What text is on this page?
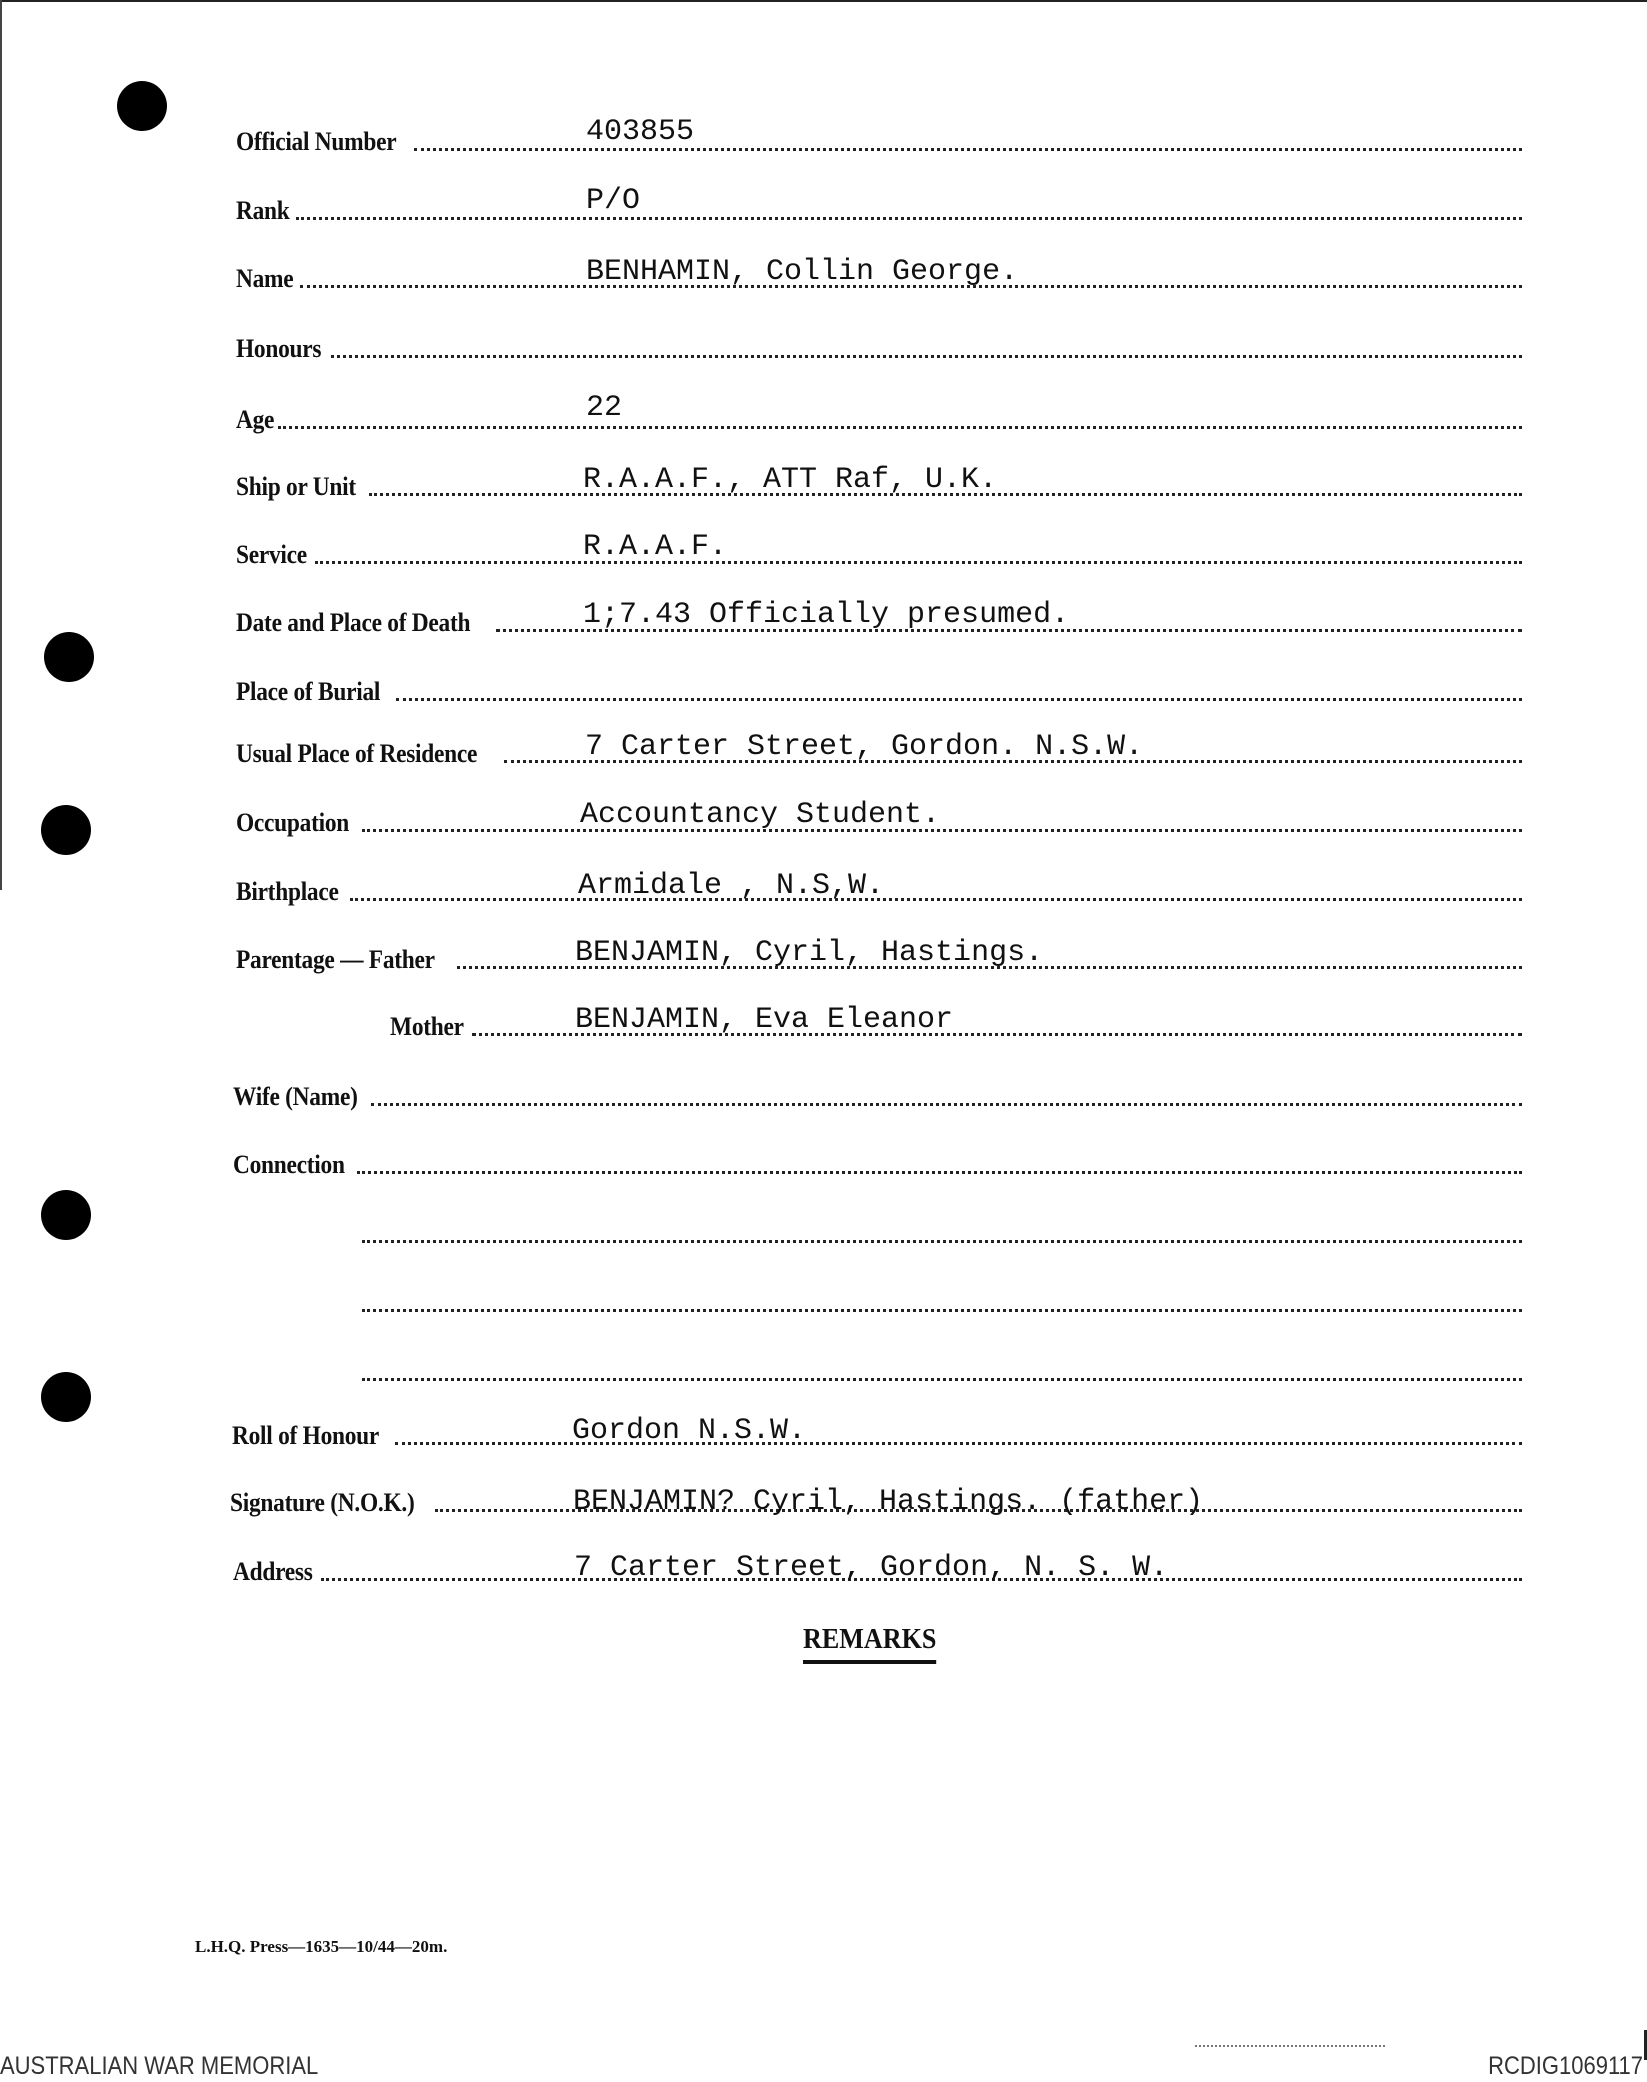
Official Number
Rank
Name
Honours
Age
Ship or Unit
Service
Date and Place of Death
Place of Burial
Usual Place of Residence
Occupation
Birthplace
Parentage — Father
Mother
Wife (Name)
Connection
Roll of Honour
Signature (N.O.K.)
Address
403855
P/O
BENHAMIN, Collin George.
22
R.A.A.F., ATT Raf, U.K.
R.A.A.F.
1;7.43 Officially presumed.
7 Carter Street, Gordon. N.S.W.
Accountancy Student.
Armidale , N.S,W.
BENJAMIN, Cyril, Hastings.
BENJAMIN, Eva Eleanor
Gordon N.S.W.
BENJAMIN? Cyril, Hastings. (father)
7 Carter Street, Gordon, N. S. W.
REMARKS
L.H.Q. Press—1635—10/44—20m.
AUSTRALIAN WAR MEMORIAL	RCDIG1069117
